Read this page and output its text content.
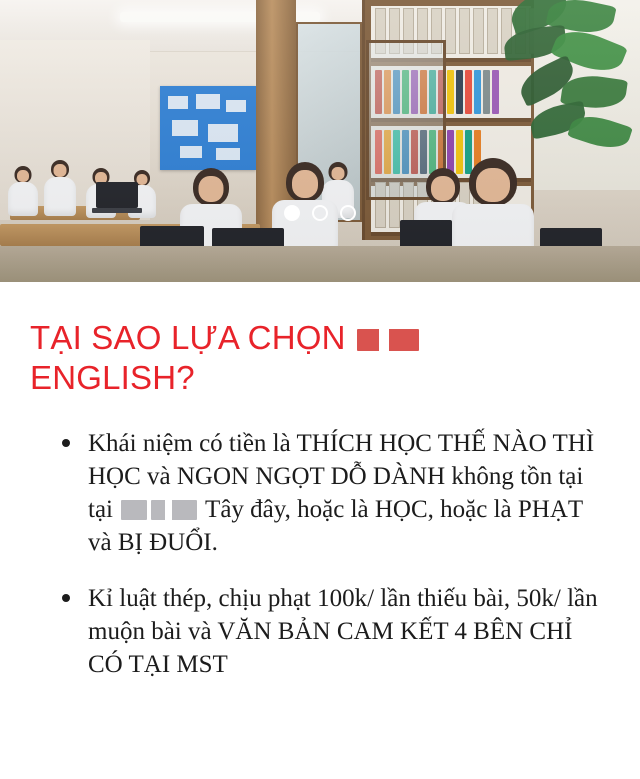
TẠI SAO LỰA CHỌN
ENGLISH?
Khái niệm có tiền là THÍCH HỌC THẾ NÀO THÌ HỌC và NGON NGỌT DỖ DÀNH không tồn tại tại	Tây đây, hoặc là HỌC, hoặc là PHẠT và BỊ ĐUỔI.
Kỉ luật thép, chịu phạt 100k/ lần thiếu bài, 50k/ lần muộn bài và VĂN BẢN CAM KẾT 4 BÊN CHỈ CÓ TẠI MST
